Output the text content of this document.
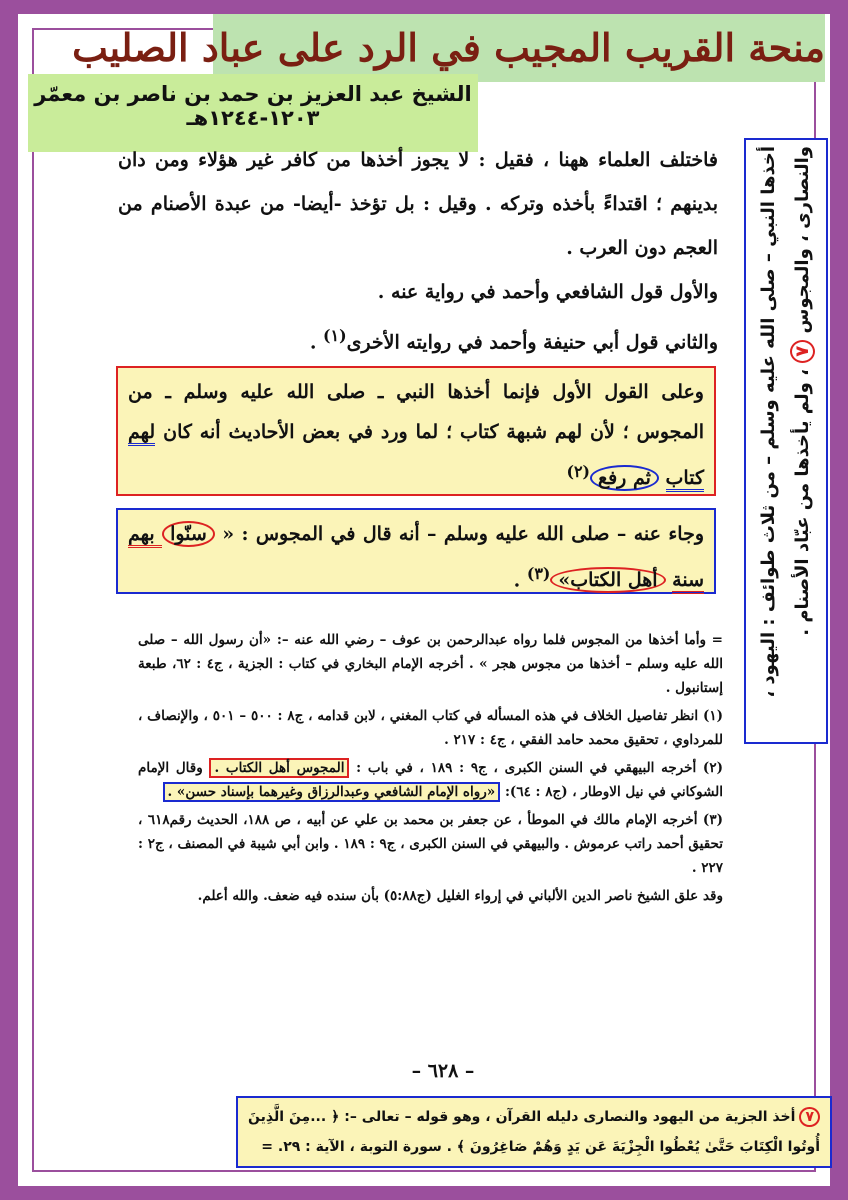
منحة القريب المجيب في الرد على عباد الصليب
الشيخ عبد العزيز بن حمد بن ناصر بن معمّر
١٢٠٣-١٢٤٤هـ

فاختلف العلماء ههنا ، فقيل : لا يجوز أخذها من كافر غير هؤلاء ومن دان بدينهم ؛ اقتداءً بأخذه وتركه . وقيل : بل تؤخذ -أيضا- من عبدة الأصنام من العجم دون العرب .

والأول قول الشافعي وأحمد في رواية عنه .

والثاني قول أبي حنيفة وأحمد في روايته الأخرى$^{(١)}$ .

وعلى القول الأول فإنما أخذها النبي ـ صلى الله عليه وسلم ـ من المجوس ؛ لأن لهم شبهة كتاب ؛ لما ورد في بعض الأحاديث أنه كان لهم كتاب ثم رفع$^{(٢)}$
وجاء عنه – صلى الله عليه وسلم – أنه قال في المجوس : « سنّوا بهم سنة أهل الكتاب»$^{(٣)}$ .
= وأما أخذها من المجوس فلما رواه عبدالرحمن بن عوف – رضي الله عنه –: «أن رسول الله – صلى الله عليه وسلم – أخذها من مجوس هجر » . أخرجه الإمام البخاري في كتاب : الجزية ، ج٤ : ٦٢، طبعة إستانبول .
(١) انظر تفاصيل الخلاف في هذه المسأله في كتاب المغني ، لابن قدامه ، ج٨ : ٥٠٠ – ٥٠١ ، والإنصاف ، للمرداوي ، تحقيق محمد حامد الفقي ، ج٤ : ٢١٧ .
(٢) أخرجه البيهقي في السنن الكبرى ، ج٩ : ١٨٩ ، في باب : المجوس أهل الكتاب . وقال الإمام الشوكاني في نيل الاوطار ، (ج٨ : ٦٤): «رواه الإمام الشافعي وعبدالرزاق وغيرهما بإسناد حسن» .
(٣) أخرجه الإمام مالك في الموطأ ، عن جعفر بن محمد بن علي عن أبيه ، ص ١٨٨، الحديث رقم٦١٨ ، تحقيق أحمد راتب عرموش . والبيهقي في السنن الكبرى ، ج٩ : ١٨٩ . وابن أبي شيبة في المصنف ، ج٢ : ٢٢٧ .
وقد علق الشيخ ناصر الدين الألباني في إرواء الغليل (ج٥:٨٨) بأن سنده فيه ضعف. والله أعلم.
– ٦٢٨ –
أخذها النبي – صلى الله عليه وسلم – من ثلاث طوائف : اليهود ، والنصارى ، والمجوس ٧ ، ولم يأخذها من عبّاد الأصنام .
٧أخذ الجزية من اليهود والنصارى دليله القرآن ، وهو قوله – تعالى –: ﴿ ...مِنَ الَّذِينَ أُوتُوا الْكِتَابَ حَتَّىٰ يُعْطُوا الْجِزْيَةَ عَن يَدٍ وَهُمْ صَاغِرُونَ ﴾ . سورة التوبة ، الآية : ٢٩. =
